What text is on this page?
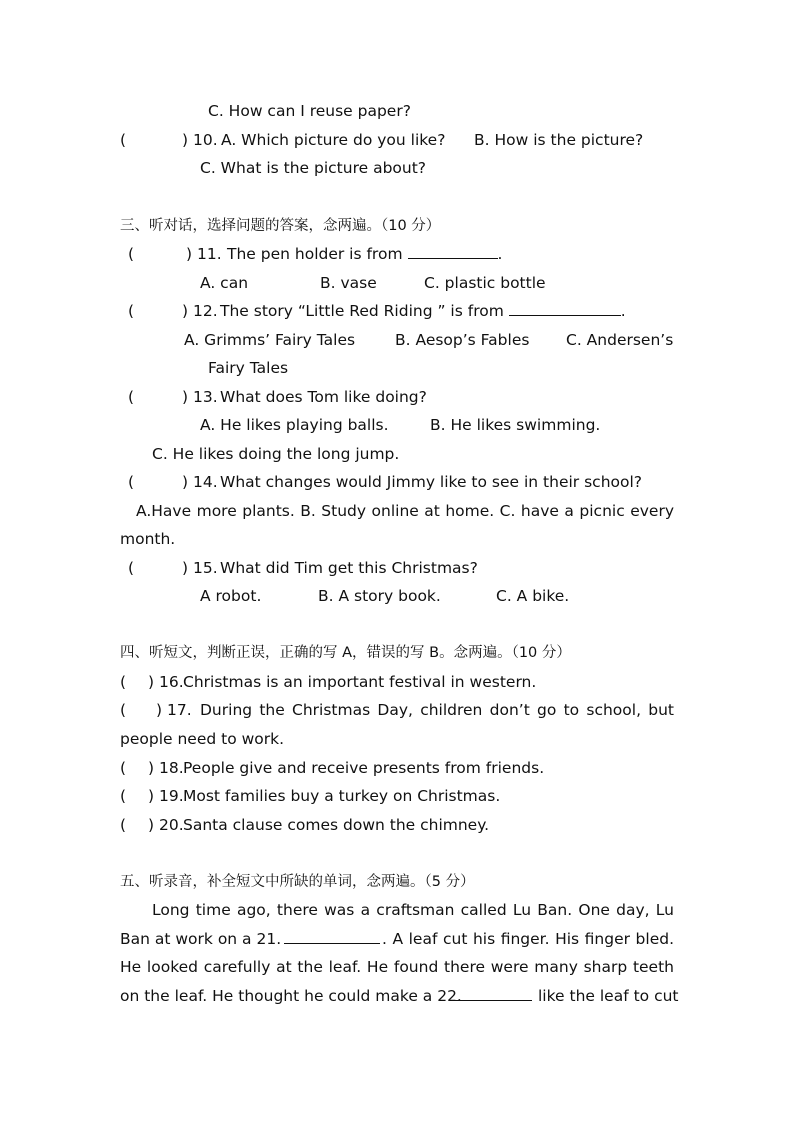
C. How can I reuse paper?
(	) 10. A. Which picture do you like? B. How is the picture?
C. What is the picture about?
三、听对话，选择问题的答案，念两遍。（10 分）
(	) 11. The pen holder is from	.
A. can	B. vase	C. plastic bottle
(	) 12. The story “Little Red Riding ” is from	.
A. Grimms’ Fairy Tales	B. Aesop’s Fables C. Andersen’s
Fairy Tales
(	) 13. What does Tom like doing?
A. He likes playing balls.	B. He likes swimming.
C. He likes doing the long jump.
(	) 14. What changes would Jimmy like to see in their school?
A.Have more plants. B. Study online at home. C. have a picnic every
month.
(	) 15. What did Tim get this Christmas?
A robot.	B. A story book.	C. A bike.
四、听短文，判断正误，正确的写 A，错误的写 B。念两遍。（10 分）
( ) 16. Christmas is an important festival in western.
( ) 17. During the Christmas Day, children don’t go to school, but
people need to work.
( ) 18. People give and receive presents from friends.
( ) 19. Most families buy a turkey on Christmas.
( ) 20. Santa clause comes down the chimney.
五、听录音，补全短文中所缺的单词，念两遍。（5 分）
Long time ago, there was a craftsman called Lu Ban. One day, Lu
Ban at work on a 21.	. A leaf cut his finger. His finger bled.
He looked carefully at the leaf. He found there were many sharp teeth
on the leaf. He thought he could make a 22.	like the leaf to cut
